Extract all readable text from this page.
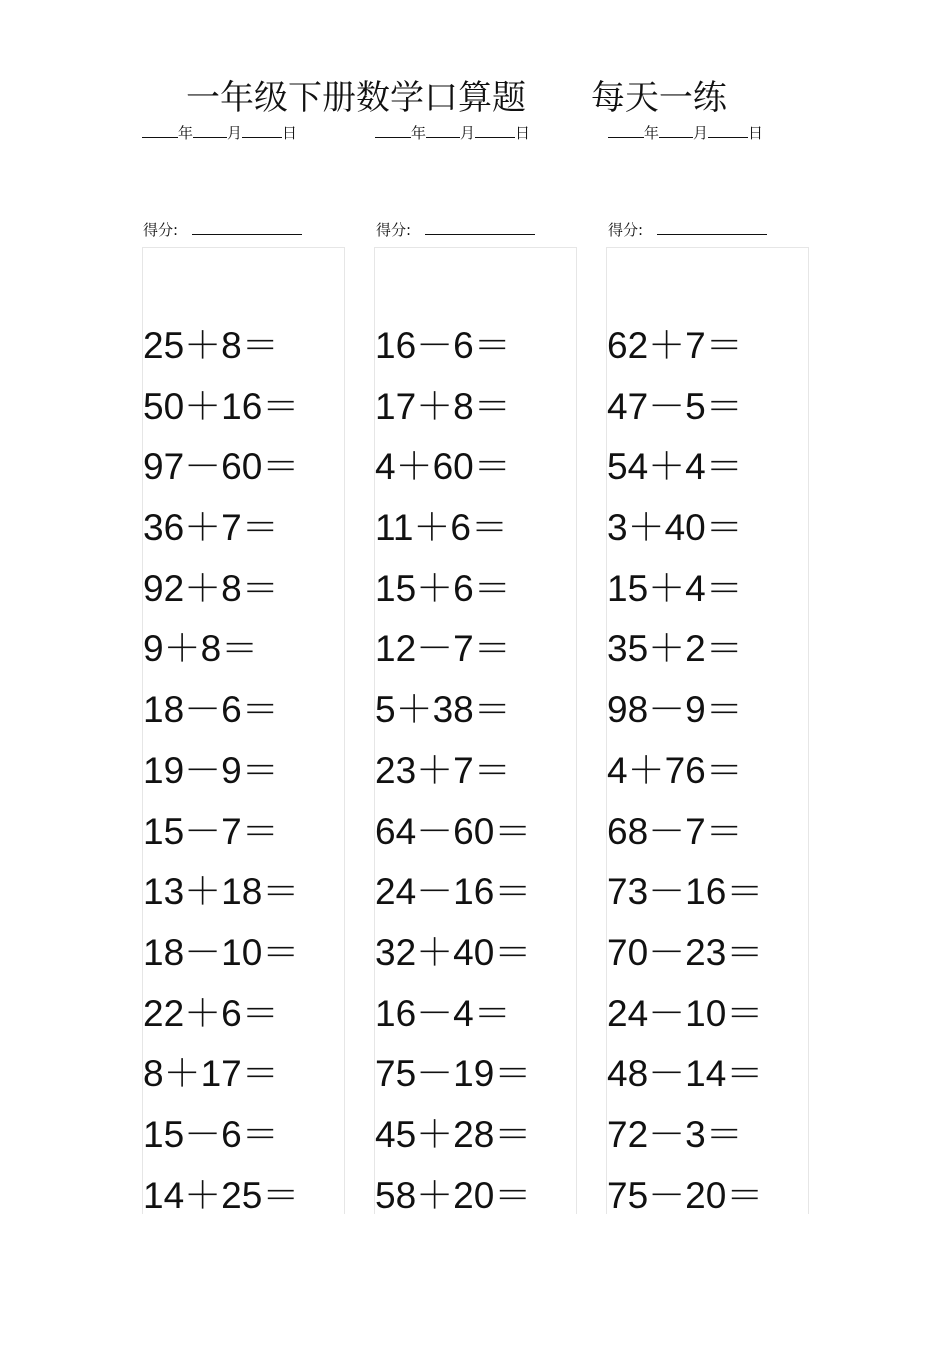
一年级下册数学口算题      每天一练
年 月	日	年 月	日	年 月	日
得分:	得分:	得分:
25＋8＝
50＋16＝
97－60＝
36＋7＝
92＋8＝
9＋8＝
18－6＝
19－9＝
15－7＝
13＋18＝
18－10＝
22＋6＝
8＋17＝
15－6＝
14＋25＝
16－6＝
17＋8＝
4＋60＝
11＋6＝
15＋6＝
12－7＝
5＋38＝
23＋7＝
64－60＝
24－16＝
32＋40＝
16－4＝
75－19＝
45＋28＝
58＋20＝
62＋7＝
47－5＝
54＋4＝
3＋40＝
15＋4＝
35＋2＝
98－9＝
4＋76＝
68－7＝
73－16＝
70－23＝
24－10＝
48－14＝
72－3＝
75－20＝
